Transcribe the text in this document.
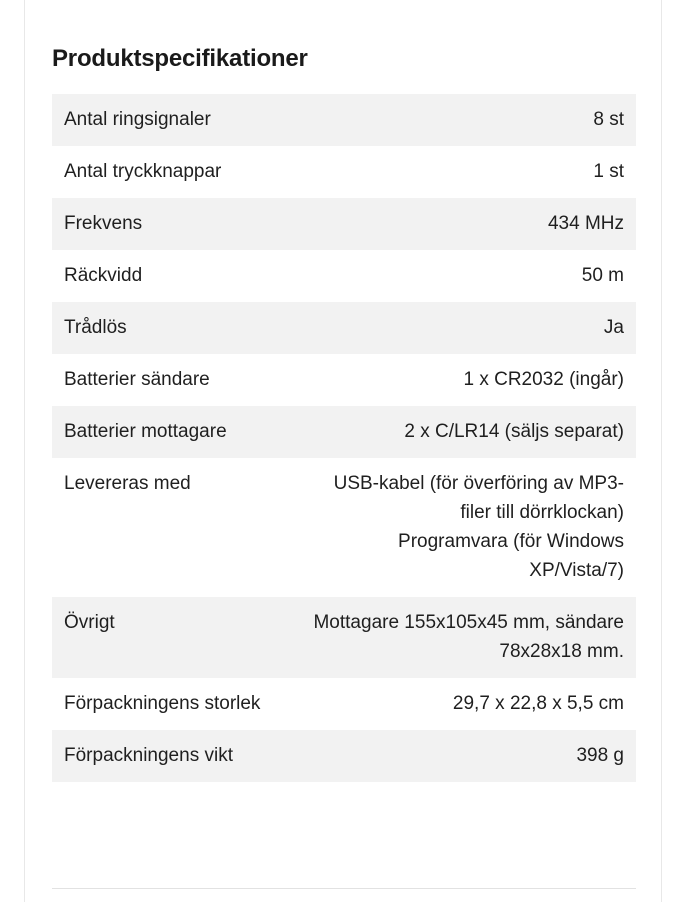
Produktspecifikationer
Antal ringsignaler	8 st

Antal tryckknappar	1 st

Frekvens	434 MHz

Räckvidd	50 m

Trådlös	Ja

Batterier sändare	1 x CR2032 (ingår)

Batterier mottagare	2 x C/LR14 (säljs separat)

Levereras med	USB-kabel (för överföring av MP3-
filer till dörrklockan)
Programvara (för Windows
XP/Vista/7)

Övrigt	Mottagare 155x105x45 mm, sändare
78x28x18 mm.

Förpackningens storlek	29,7 x 22,8 x 5,5 cm

Förpackningens vikt	398 g
